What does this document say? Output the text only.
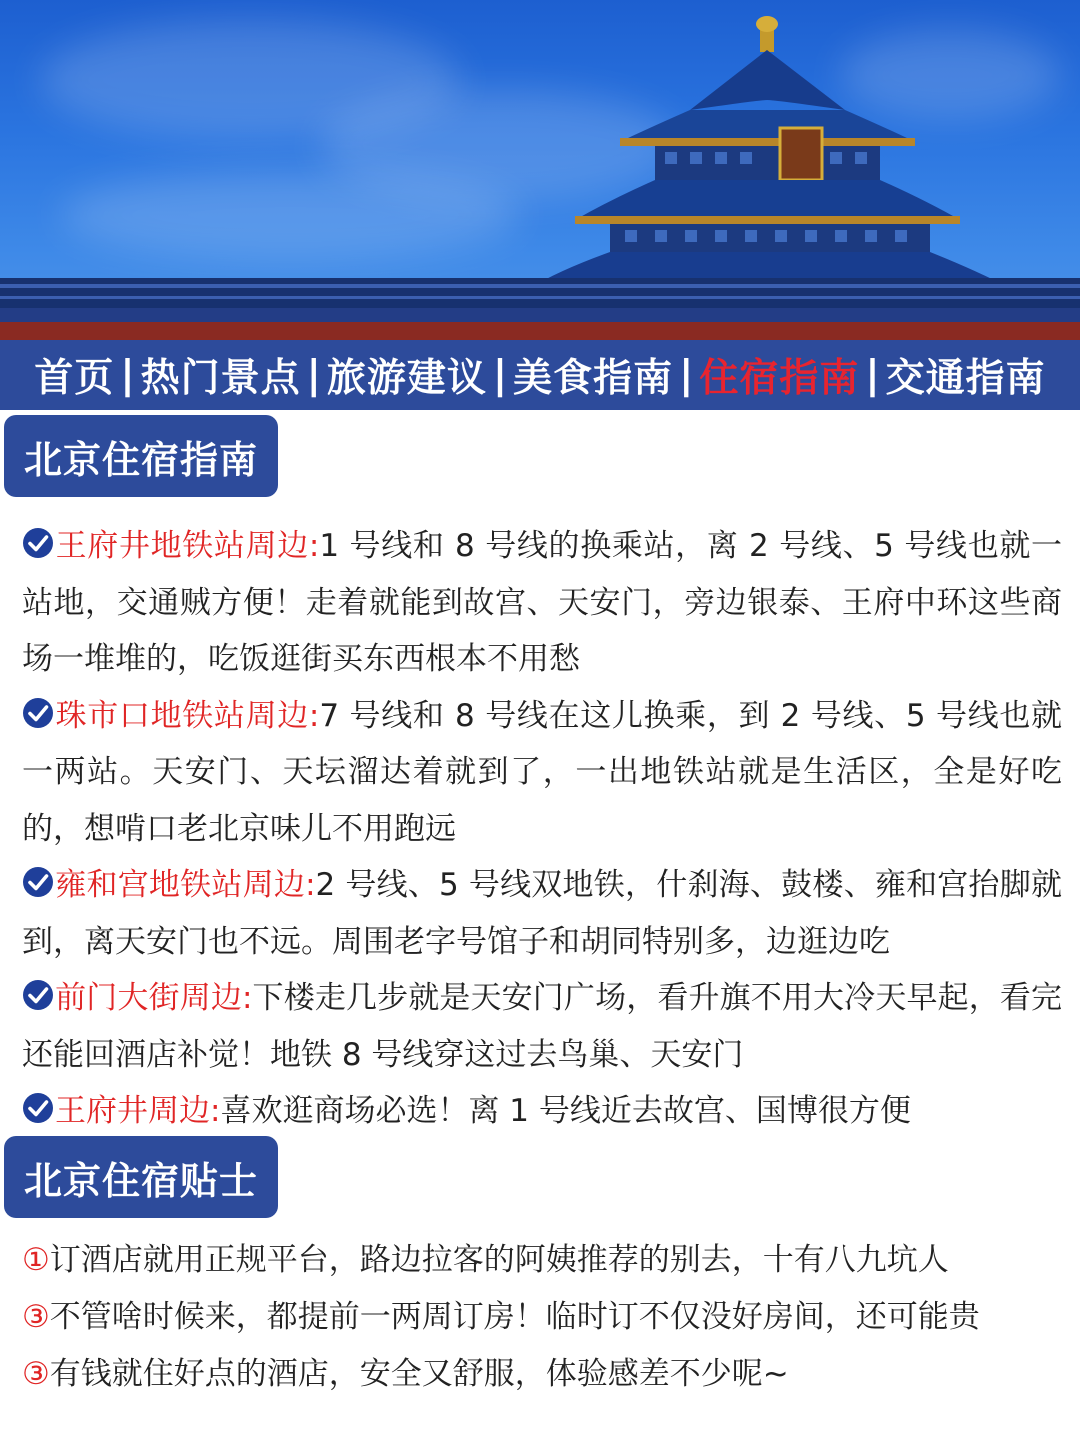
首页 | 热门景点 | 旅游建议 | 美食指南 | 住宿指南 | 交通指南
北京住宿指南
王府井地铁站周边:1 号线和 8 号线的换乘站，离 2 号线、5 号线也就一站地，交通贼方便！走着就能到故宫、天安门，旁边银泰、王府中环这些商场一堆堆的，吃饭逛街买东西根本不用愁
珠市口地铁站周边:7 号线和 8 号线在这儿换乘，到 2 号线、5 号线也就一两站。天安门、天坛溜达着就到了，一出地铁站就是生活区，全是好吃的，想啃口老北京味儿不用跑远
雍和宫地铁站周边:2 号线、5 号线双地铁，什刹海、鼓楼、雍和宫抬脚就到，离天安门也不远。周围老字号馆子和胡同特别多，边逛边吃
前门大街周边:下楼走几步就是天安门广场，看升旗不用大冷天早起，看完还能回酒店补觉！地铁 8 号线穿这过去鸟巢、天安门
王府井周边:喜欢逛商场必选！离 1 号线近去故宫、国博很方便
北京住宿贴士
①订酒店就用正规平台，路边拉客的阿姨推荐的别去，十有八九坑人
③不管啥时候来，都提前一两周订房！临时订不仅没好房间，还可能贵
③有钱就住好点的酒店，安全又舒服，体验感差不少呢~
